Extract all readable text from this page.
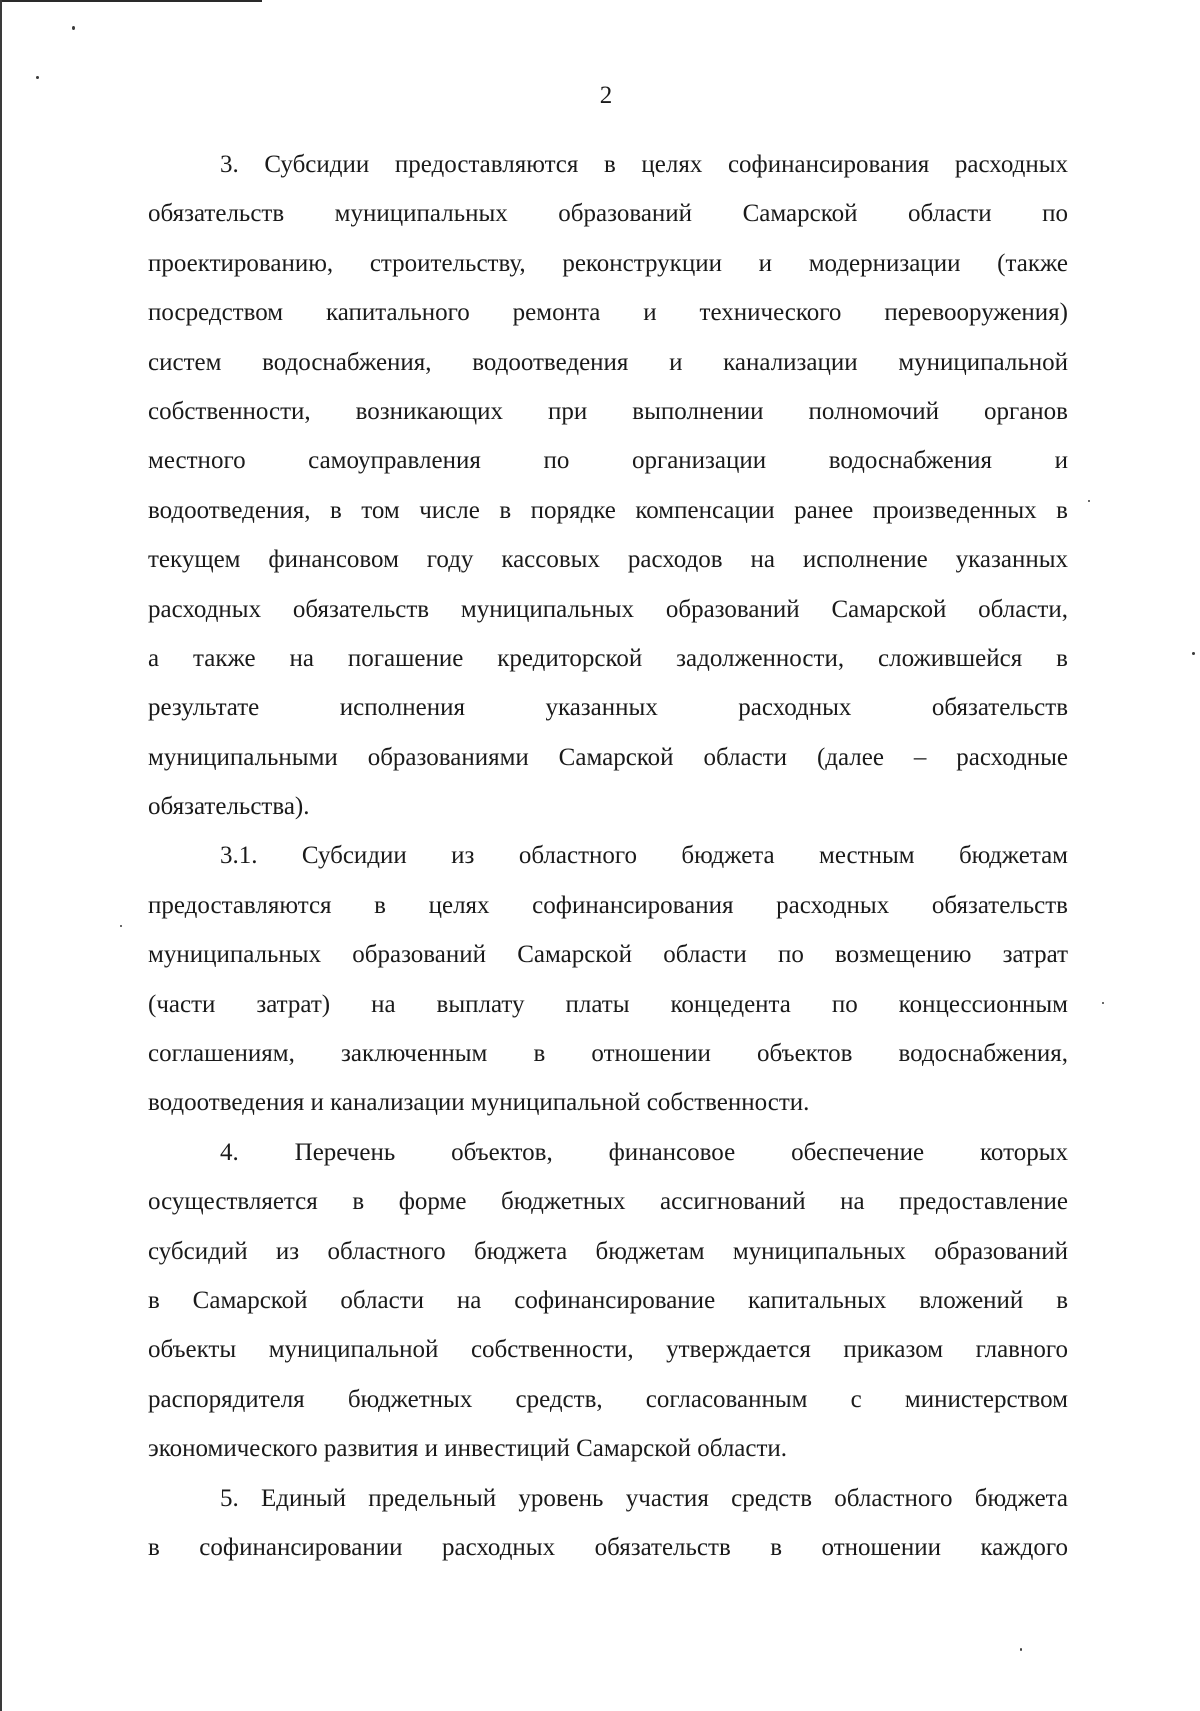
2
3. Субсидии предоставляются в целях софинансирования расходных
обязательств муниципальных образований Самарской области по
проектированию, строительству, реконструкции и модернизации (также
посредством капитального ремонта и технического перевооружения)
систем водоснабжения, водоотведения и канализации муниципальной
собственности, возникающих при выполнении полномочий органов
местного самоуправления по организации водоснабжения и
водоотведения, в том числе в порядке компенсации ранее произведенных в
текущем финансовом году кассовых расходов на исполнение указанных
расходных обязательств муниципальных образований Самарской области,
а также на погашение кредиторской задолженности, сложившейся в
результате исполнения указанных расходных обязательств
муниципальными образованиями Самарской области (далее – расходные
обязательства).
3.1. Субсидии из областного бюджета местным бюджетам
предоставляются в целях софинансирования расходных обязательств
муниципальных образований Самарской области по возмещению затрат
(части затрат) на выплату платы концедента по концессионным
соглашениям, заключенным в отношении объектов водоснабжения,
водоотведения и канализации муниципальной собственности.
4. Перечень объектов, финансовое обеспечение которых
осуществляется в форме бюджетных ассигнований на предоставление
субсидий из областного бюджета бюджетам муниципальных образований
в Самарской области на софинансирование капитальных вложений в
объекты муниципальной собственности, утверждается приказом главного
распорядителя бюджетных средств, согласованным с министерством
экономического развития и инвестиций Самарской области.
5. Единый предельный уровень участия средств областного бюджета
в софинансировании расходных обязательств в отношении каждого
